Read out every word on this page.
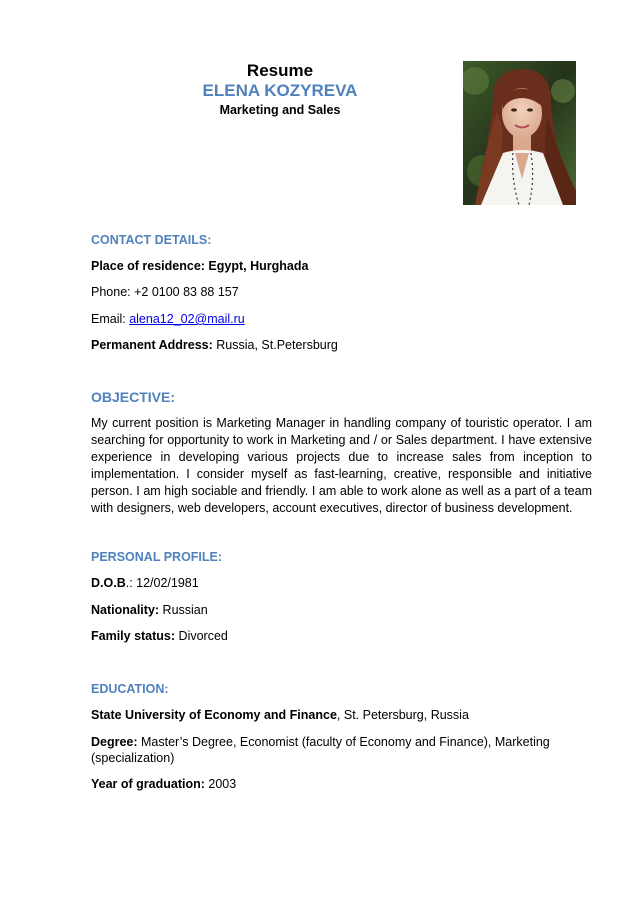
Resume
ELENA KOZYREVA
Marketing and Sales
CONTACT DETAILS:
Place of residence: Egypt, Hurghada
Phone: +2 0100 83 88 157
Email: alena12_02@mail.ru
Permanent Address: Russia, St.Petersburg
OBJECTIVE:
My current position is Marketing Manager in handling company of touristic operator. I am searching for opportunity to work in Marketing and / or Sales department. I have extensive experience in developing various projects due to increase sales from inception to implementation. I consider myself as fast-learning, creative, responsible and initiative person. I am high sociable and friendly. I am able to work alone as well as a part of a team with designers, web developers, account executives, director of business development.
PERSONAL PROFILE:
D.O.B.: 12/02/1981
Nationality: Russian
Family status: Divorced
EDUCATION:
State University of Economy and Finance, St. Petersburg, Russia
Degree: Master’s Degree, Economist (faculty of Economy and Finance), Marketing
(specialization)
Year of graduation: 2003
